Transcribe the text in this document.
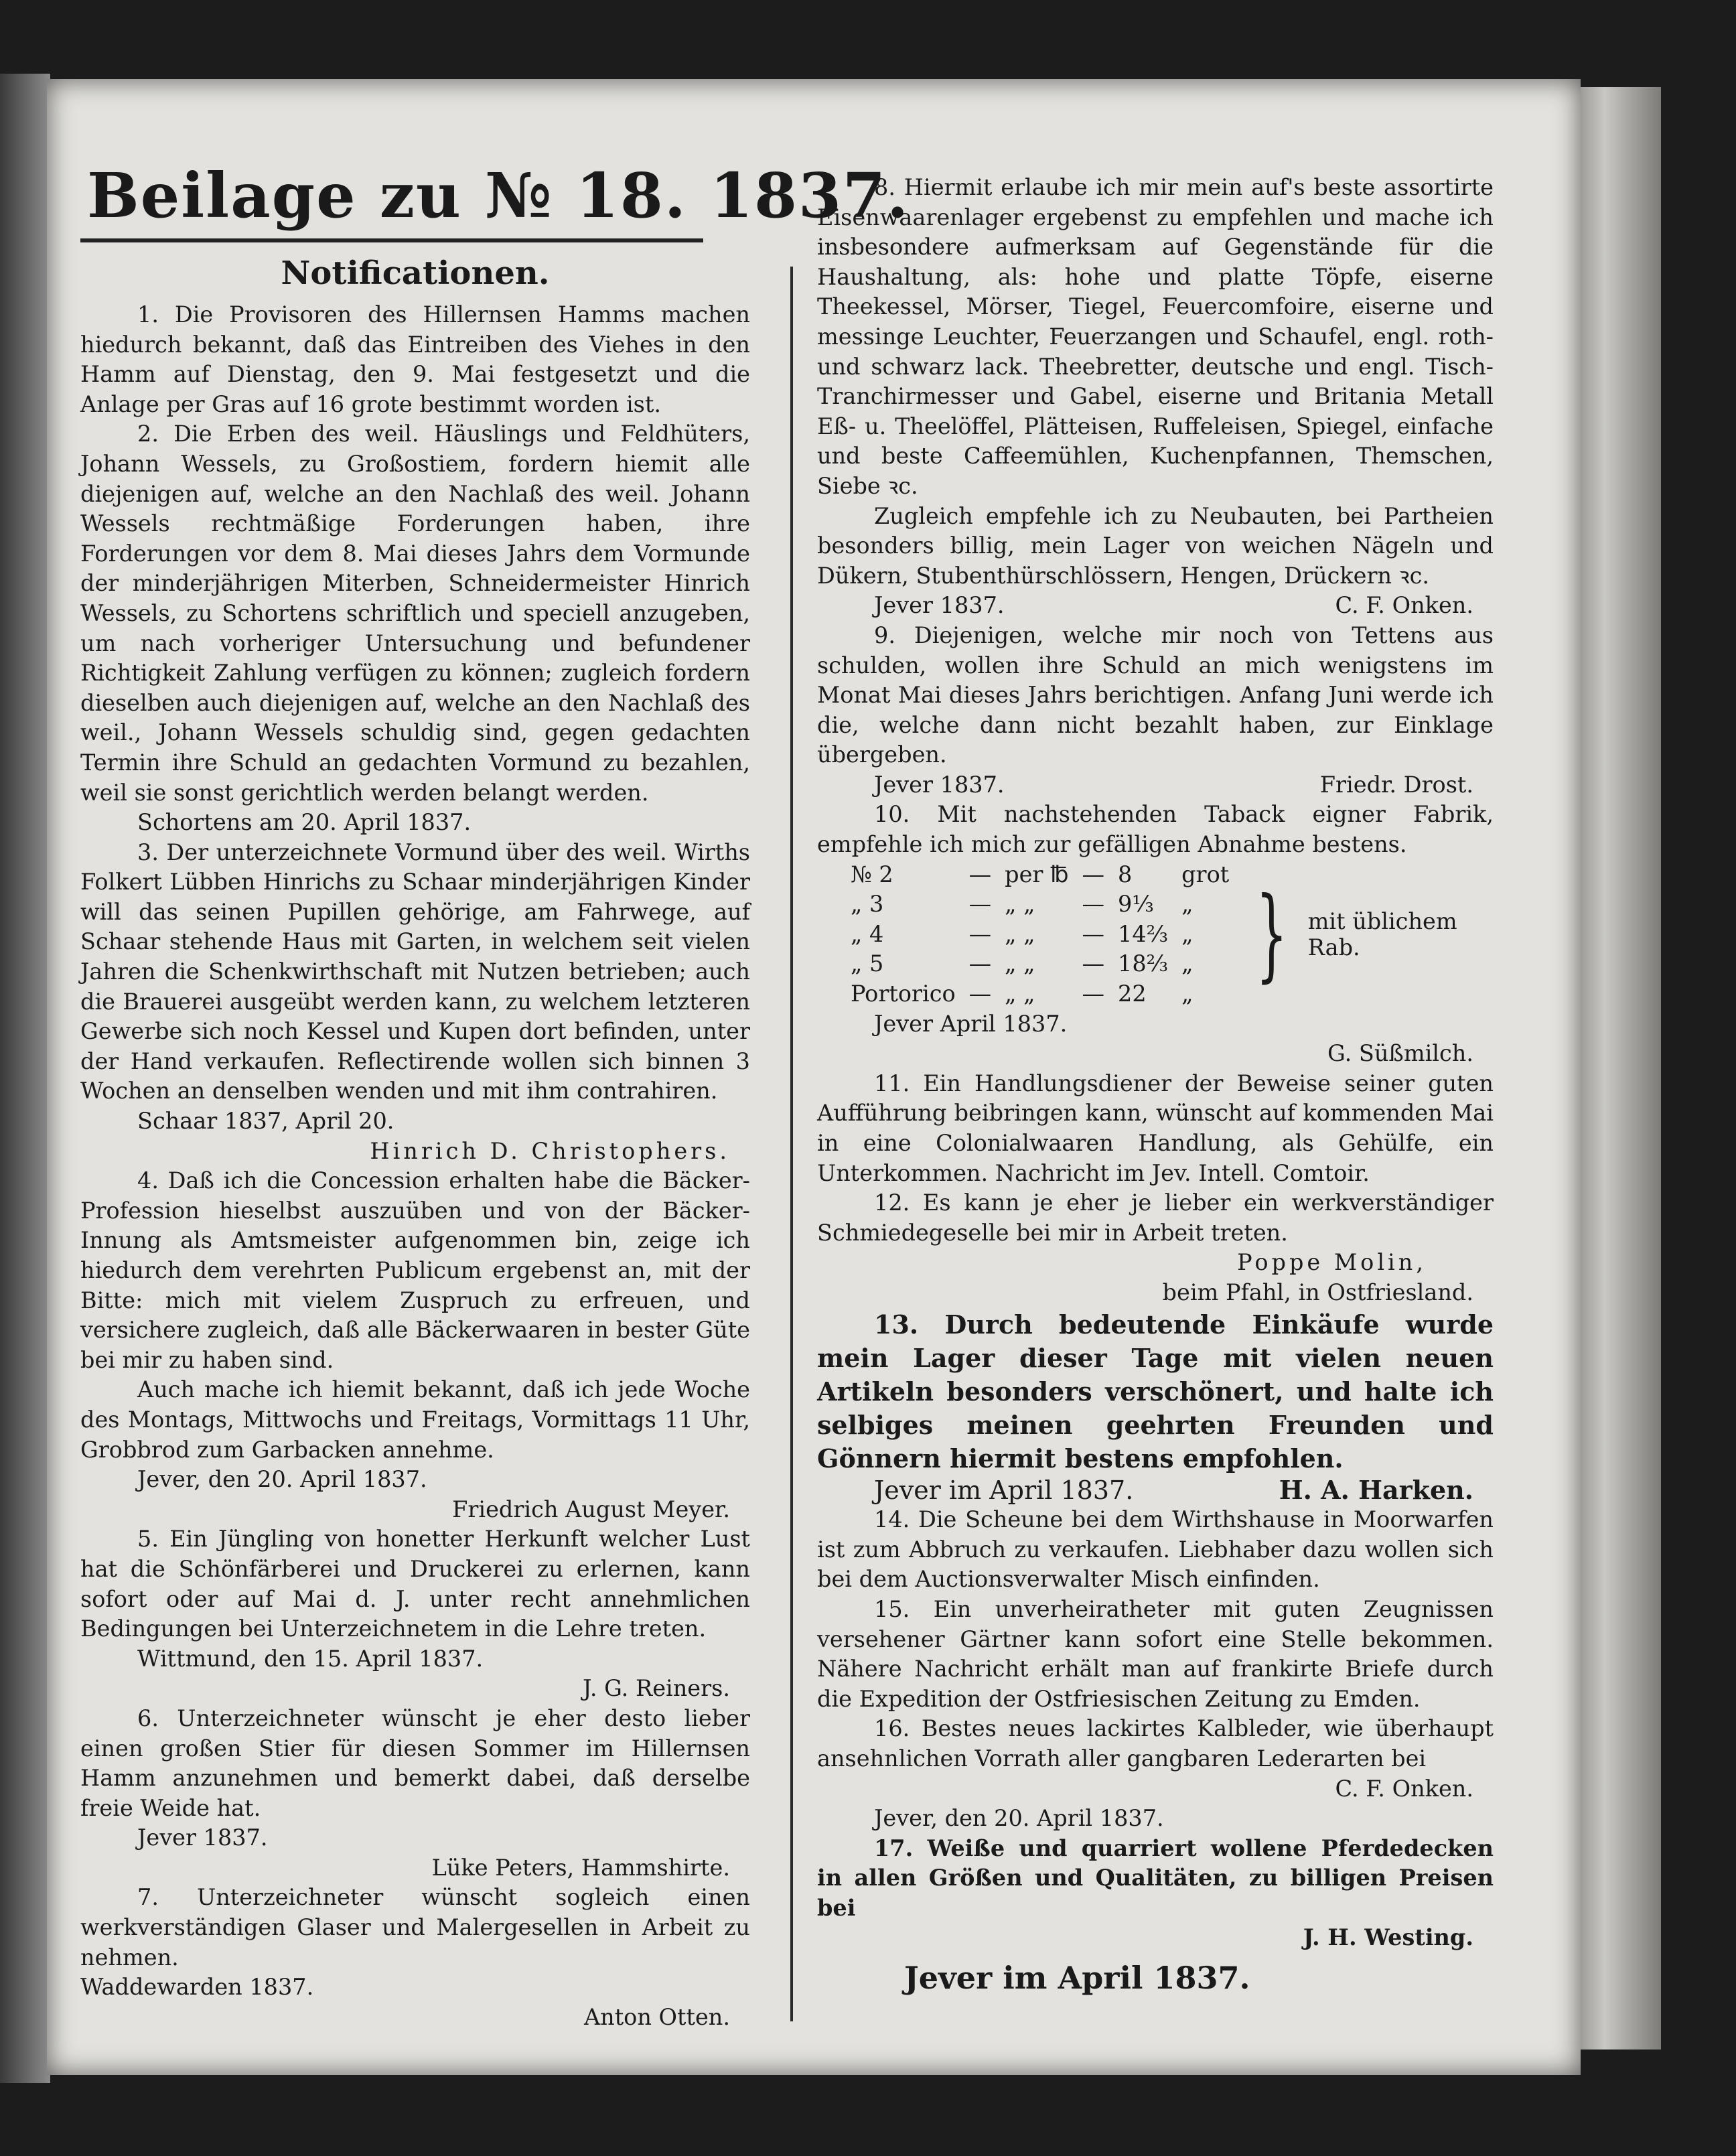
Beilage zu № 18. 1837.
Notificationen.

1. Die Provisoren des Hillernsen Hamms machen hiedurch bekannt, daß das Eintreiben des Viehes in den Hamm auf Dienstag, den 9. Mai festgesetzt und die Anlage per Gras auf 16 grote bestimmt worden ist.

2. Die Erben des weil. Häuslings und Feldhüters, Johann Wessels, zu Großostiem, fordern hiemit alle diejenigen auf, welche an den Nachlaß des weil. Johann Wessels rechtmäßige Forderungen haben, ihre Forderungen vor dem 8. Mai dieses Jahrs dem Vormunde der minderjährigen Miterben, Schneidermeister Hinrich Wessels, zu Schortens schriftlich und speciell anzugeben, um nach vorheriger Untersuchung und befundener Richtigkeit Zahlung verfügen zu können; zugleich fordern dieselben auch diejenigen auf, welche an den Nachlaß des weil., Johann Wessels schuldig sind, gegen gedachten Termin ihre Schuld an gedachten Vormund zu bezahlen, weil sie sonst gerichtlich werden belangt werden.

Schortens am 20. April 1837.

3. Der unterzeichnete Vormund über des weil. Wirths Folkert Lübben Hinrichs zu Schaar minderjährigen Kinder will das seinen Pupillen gehörige, am Fahrwege, auf Schaar stehende Haus mit Garten, in welchem seit vielen Jahren die Schenkwirthschaft mit Nutzen betrieben; auch die Brauerei ausgeübt werden kann, zu welchem letzteren Gewerbe sich noch Kessel und Kupen dort befinden, unter der Hand verkaufen. Reflectirende wollen sich binnen 3 Wochen an denselben wenden und mit ihm contrahiren.

Schaar 1837, April 20.

Hinrich D. Christophers.

4. Daß ich die Concession erhalten habe die Bäcker-Profession hieselbst auszuüben und von der Bäcker-Innung als Amtsmeister aufgenommen bin, zeige ich hiedurch dem verehrten Publicum ergebenst an, mit der Bitte: mich mit vielem Zuspruch zu erfreuen, und versichere zugleich, daß alle Bäckerwaaren in bester Güte bei mir zu haben sind.

Auch mache ich hiemit bekannt, daß ich jede Woche des Montags, Mittwochs und Freitags, Vormittags 11 Uhr, Grobbrod zum Garbacken annehme.

Jever, den 20. April 1837.

Friedrich August Meyer.

5. Ein Jüngling von honetter Herkunft welcher Lust hat die Schönfärberei und Druckerei zu erlernen, kann sofort oder auf Mai d. J. unter recht annehmlichen Bedingungen bei Unterzeichnetem in die Lehre treten.

Wittmund, den 15. April 1837.

J. G. Reiners.

6. Unterzeichneter wünscht je eher desto lieber einen großen Stier für diesen Sommer im Hillernsen Hamm anzunehmen und bemerkt dabei, daß derselbe freie Weide hat.

Jever 1837.

Lüke Peters, Hammshirte.

7. Unterzeichneter wünscht sogleich einen werkverständigen Glaser und Malergesellen in Arbeit zu nehmen.

Waddewarden 1837.

Anton Otten.

8. Hiermit erlaube ich mir mein auf's beste assortirte Eisenwaarenlager ergebenst zu empfehlen und mache ich insbesondere aufmerksam auf Gegenstände für die Haushaltung, als: hohe und platte Töpfe, eiserne Theekessel, Mörser, Tiegel, Feuercomfoire, eiserne und messinge Leuchter, Feuerzangen und Schaufel, engl. roth- und schwarz lack. Theebretter, deutsche und engl. Tisch-Tranchirmesser und Gabel, eiserne und Britania Metall Eß- u. Theelöffel, Plätteisen, Ruffeleisen, Spiegel, einfache und beste Caffeemühlen, Kuchenpfannen, Themschen, Siebe ꝛc.

Zugleich empfehle ich zu Neubauten, bei Partheien besonders billig, mein Lager von weichen Nägeln und Dükern, Stubenthürschlössern, Hengen, Drückern ꝛc.

Jever 1837.	C. F. Onken.

9. Diejenigen, welche mir noch von Tettens aus schulden, wollen ihre Schuld an mich wenigstens im Monat Mai dieses Jahrs berichtigen. Anfang Juni werde ich die, welche dann nicht bezahlt haben, zur Einklage übergeben.

Jever 1837.	Friedr. Drost.

10. Mit nachstehenden Taback eigner Fabrik, empfehle ich mich zur gefälligen Abnahme bestens.

№ 2	—	per ℔	—	8	grot
„ 3	—	„ „	—	9⅓	„
„ 4	—	„ „	—	14⅔	„
„ 5	—	„ „	—	18⅔	„
Portorico	—	„ „	—	22	„
} mit üblichem Rab.

Jever April 1837.

G. Süßmilch.

11. Ein Handlungsdiener der Beweise seiner guten Aufführung beibringen kann, wünscht auf kommenden Mai in eine Colonialwaaren Handlung, als Gehülfe, ein Unterkommen. Nachricht im Jev. Intell. Comtoir.

12. Es kann je eher je lieber ein werkverständiger Schmiedegeselle bei mir in Arbeit treten.

Poppe Molin,

beim Pfahl, in Ostfriesland.

13. Durch bedeutende Einkäufe wurde mein Lager dieser Tage mit vielen neuen Artikeln besonders verschönert, und halte ich selbiges meinen geehrten Freunden und Gönnern hiermit bestens empfohlen.

Jever im April 1837.	H. A. Harken.

14. Die Scheune bei dem Wirthshause in Moorwarfen ist zum Abbruch zu verkaufen. Liebhaber dazu wollen sich bei dem Auctionsverwalter Misch einfinden.

15. Ein unverheiratheter mit guten Zeugnissen versehener Gärtner kann sofort eine Stelle bekommen. Nähere Nachricht erhält man auf frankirte Briefe durch die Expedition der Ostfriesischen Zeitung zu Emden.

16. Bestes neues lackirtes Kalbleder, wie überhaupt ansehnlichen Vorrath aller gangbaren Lederarten bei

C. F. Onken.

Jever, den 20. April 1837.

17. Weiße und quarriert wollene Pferdedecken in allen Größen und Qualitäten, zu billigen Preisen bei

J. H. Westing.

Jever im April 1837.
